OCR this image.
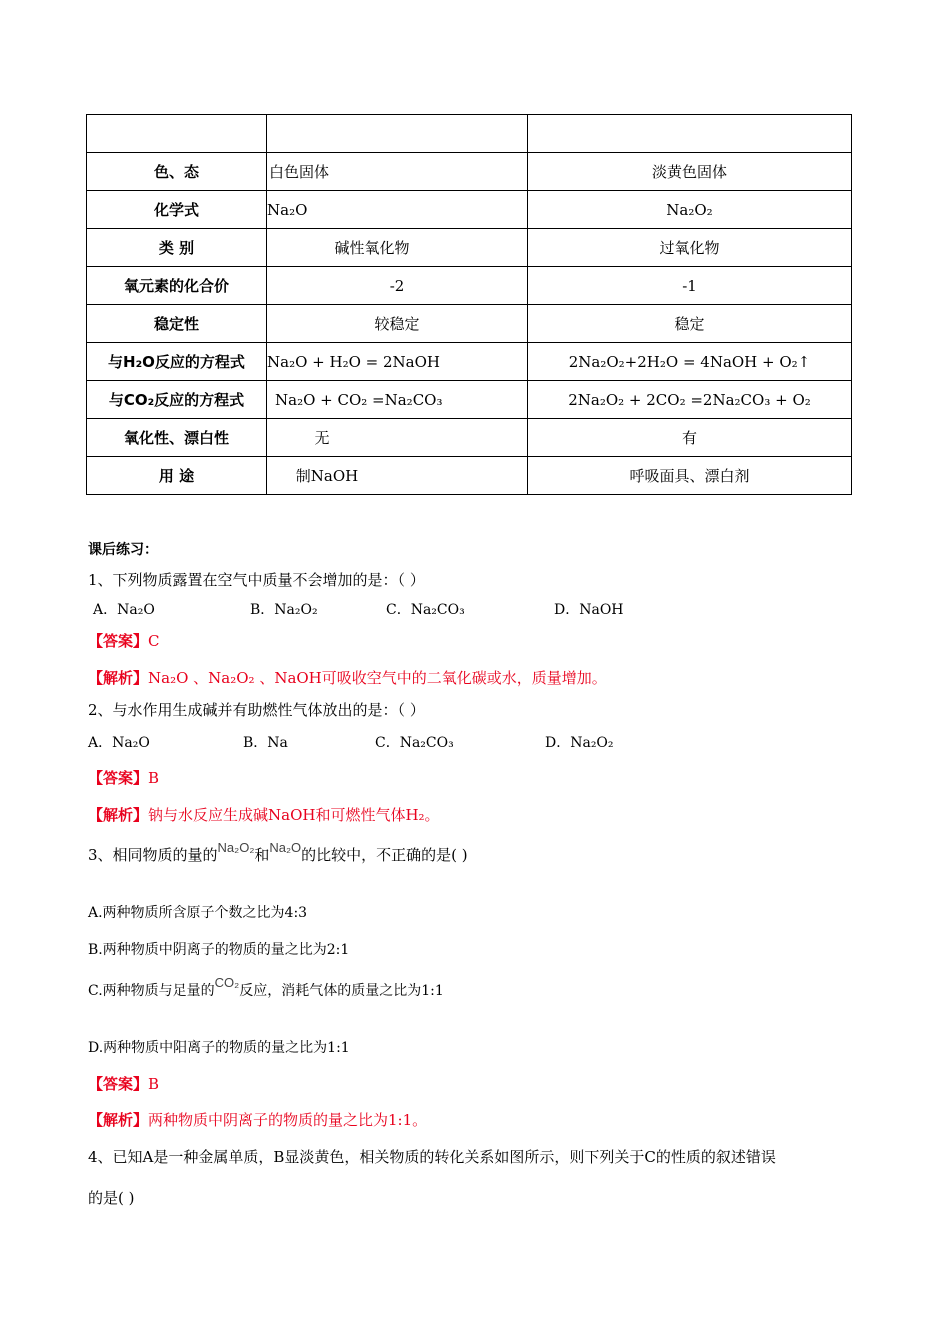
色、态	白色固体	淡黄色固体
化学式	Na₂O	Na₂O₂
类 别	碱性氧化物	过氧化物
氧元素的化合价	-2	-1
稳定性	较稳定	稳定
与H₂O反应的方程式	Na₂O + H₂O = 2NaOH	2Na₂O₂+2H₂O = 4NaOH + O₂↑
与CO₂反应的方程式	Na₂O + CO₂ =Na₂CO₃	2Na₂O₂ + 2CO₂ =2Na₂CO₃ + O₂
氧化性、漂白性	无	有
用 途	制NaOH	呼吸面具、漂白剂
课后练习：
1、下列物质露置在空气中质量不会增加的是：（ ）
A．Na₂O	B．Na₂O₂	C．Na₂CO₃	D．NaOH
【答案】C
【解析】Na₂O 、Na₂O₂ 、NaOH可吸收空气中的二氧化碳或水，质量增加。
2、与水作用生成碱并有助燃性气体放出的是：（ ）
A．Na₂O	B．Na	C．Na₂CO₃	D．Na₂O₂
【答案】B
【解析】钠与水反应生成碱NaOH和可燃性气体H₂。
3、相同物质的量的Na₂O₂和Na₂O的比较中，不正确的是( )
A.两种物质所含原子个数之比为4:3
B.两种物质中阴离子的物质的量之比为2:1
C.两种物质与足量的CO₂反应，消耗气体的质量之比为1:1
D.两种物质中阳离子的物质的量之比为1:1
【答案】B
【解析】两种物质中阴离子的物质的量之比为1:1。
4、已知A是一种金属单质，B显淡黄色，相关物质的转化关系如图所示，则下列关于C的性质的叙述错误
的是( )
